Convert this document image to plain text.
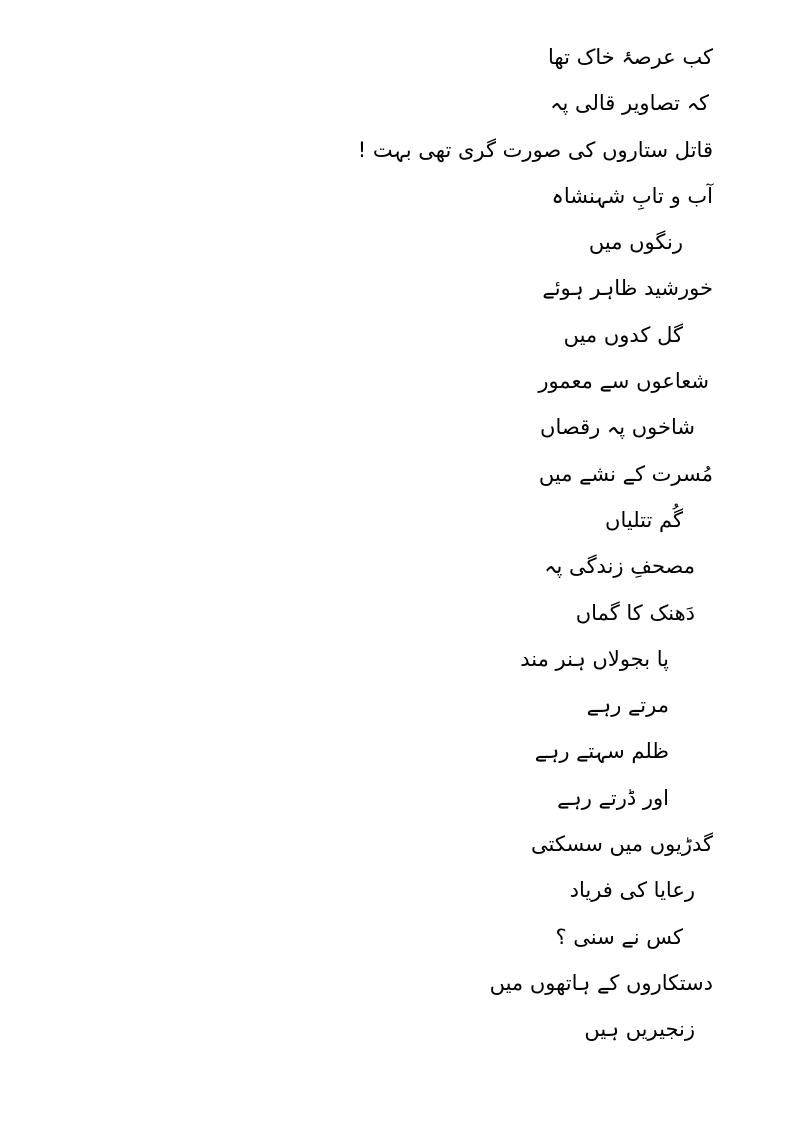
کب عرصۂ خاک تھا
کہ تصاویر قالی پہ
قاتل ستاروں کی صورت گری تھی بہت !
آب و تابِ شہنشاہ
رنگوں میں
خورشید ظاہر ہوئے
گل کدوں میں
شعاعوں سے معمور
شاخوں پہ رقصاں
مُسرت کے نشے میں
گُم تتلیاں
مصحفِ زندگی پہ
دَھنک کا گماں
پا بجولاں ہنر مند
مرتے رہے
ظلم سہتے رہے
اور ڈرتے رہے
گدڑیوں میں سسکتی
رعایا کی فریاد
کس نے سنی ؟
دستکاروں کے ہاتھوں میں
زنجیریں ہیں
